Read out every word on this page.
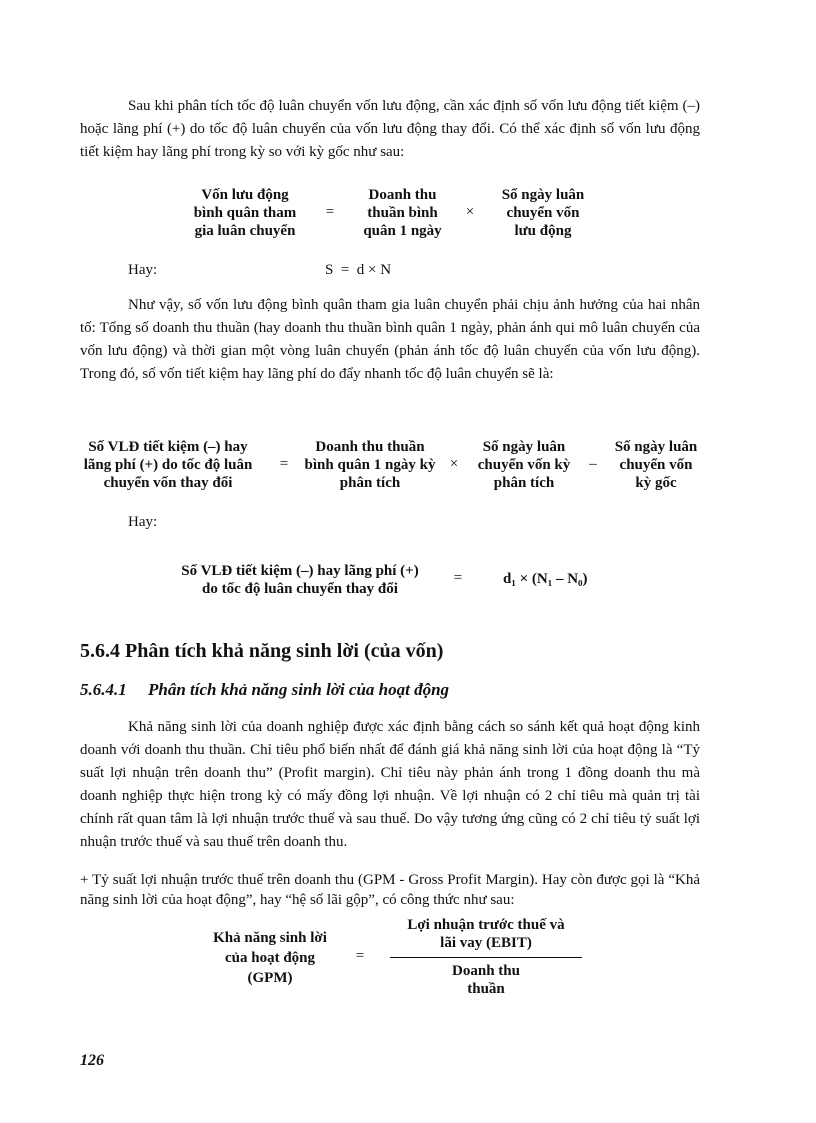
Sau khi phân tích tốc độ luân chuyển vốn lưu động, cần xác định số vốn lưu động tiết kiệm (–) hoặc lãng phí (+) do tốc độ luân chuyển của vốn lưu động thay đổi. Có thể xác định số vốn lưu động tiết kiệm hay lãng phí trong kỳ so với kỳ gốc như sau:
Vốn lưu động
bình quân tham
gia luân chuyển
=
Doanh thu
thuần bình
quân 1 ngày
×
Số ngày luân
chuyển vốn
lưu động
Hay:	S  =  d × N
Như vậy, số vốn lưu động bình quân tham gia luân chuyển phải chịu ảnh hưởng của hai nhân tố: Tổng số doanh thu thuần (hay doanh thu thuần bình quân 1 ngày, phản ánh qui mô luân chuyển của vốn lưu động) và thời gian một vòng luân chuyển (phản ánh tốc độ luân chuyển của vốn lưu động). Trong đó, số vốn tiết kiệm hay lãng phí do đẩy nhanh tốc độ luân chuyển sẽ là:
Số VLĐ tiết kiệm (–) hay
lãng phí (+) do tốc độ luân
chuyển vốn thay đổi
=
Doanh thu thuần
bình quân 1 ngày kỳ
phân tích
×
Số ngày luân
chuyển vốn kỳ
phân tích
–
Số ngày luân
chuyển vốn
kỳ gốc
Hay:
Số VLĐ tiết kiệm (–) hay lãng phí (+)
do tốc độ luân chuyển thay đổi
=	d₁ × (N₁ – N₀)
5.6.4 Phân tích khả năng sinh lời (của vốn)
5.6.4.1     Phân tích khả năng sinh lời của hoạt động
Khả năng sinh lời của doanh nghiệp được xác định bằng cách so sánh kết quả hoạt động kinh doanh với doanh thu thuần. Chỉ tiêu phổ biến nhất để đánh giá khả năng sinh lời của hoạt động là “Tỷ suất lợi nhuận trên doanh thu” (Profit margin). Chỉ tiêu này phản ánh trong 1 đồng doanh thu mà doanh nghiệp thực hiện trong kỳ có mấy đồng lợi nhuận. Về lợi nhuận có 2 chỉ tiêu mà quản trị tài chính rất quan tâm là lợi nhuận trước thuế và sau thuế. Do vậy tương ứng cũng có 2 chỉ tiêu tỷ suất lợi nhuận trước thuế và sau thuế trên doanh thu.
+ Tỷ suất lợi nhuận trước thuế trên doanh thu (GPM - Gross Profit Margin). Hay còn được gọi là “Khả năng sinh lời của hoạt động”, hay “hệ số lãi gộp”, có công thức như sau:
Khả năng sinh lời
của hoạt động
(GPM)
=
Lợi nhuận trước thuế và
lãi vay (EBIT)
Doanh thu
thuần
126
